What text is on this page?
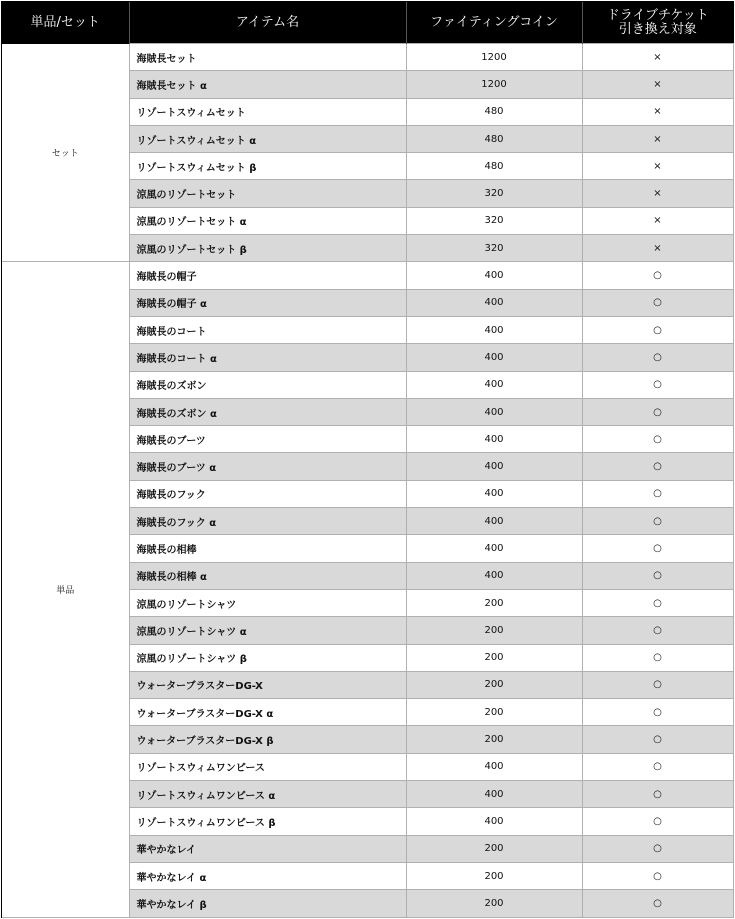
単品/セット	アイテム名	ファイティングコイン	ドライブチケット
引き換え対象

セット	海賊長セット	1200	×
	海賊長セット α	1200	×
	リゾートスウィムセット	480	×
	リゾートスウィムセット α	480	×
	リゾートスウィムセット β	480	×
	涼風のリゾートセット	320	×
	涼風のリゾートセット α	320	×
	涼風のリゾートセット β	320	×
単品	海賊長の帽子	400	○
	海賊長の帽子 α	400	○
	海賊長のコート	400	○
	海賊長のコート α	400	○
	海賊長のズボン	400	○
	海賊長のズボン α	400	○
	海賊長のブーツ	400	○
	海賊長のブーツ α	400	○
	海賊長のフック	400	○
	海賊長のフック α	400	○
	海賊長の相棒	400	○
	海賊長の相棒 α	400	○
	涼風のリゾートシャツ	200	○
	涼風のリゾートシャツ α	200	○
	涼風のリゾートシャツ β	200	○
	ウォーターブラスターDG-X	200	○
	ウォーターブラスターDG-X α	200	○
	ウォーターブラスターDG-X β	200	○
	リゾートスウィムワンピース	400	○
	リゾートスウィムワンピース α	400	○
	リゾートスウィムワンピース β	400	○
	華やかなレイ	200	○
	華やかなレイ α	200	○
	華やかなレイ β	200	○
